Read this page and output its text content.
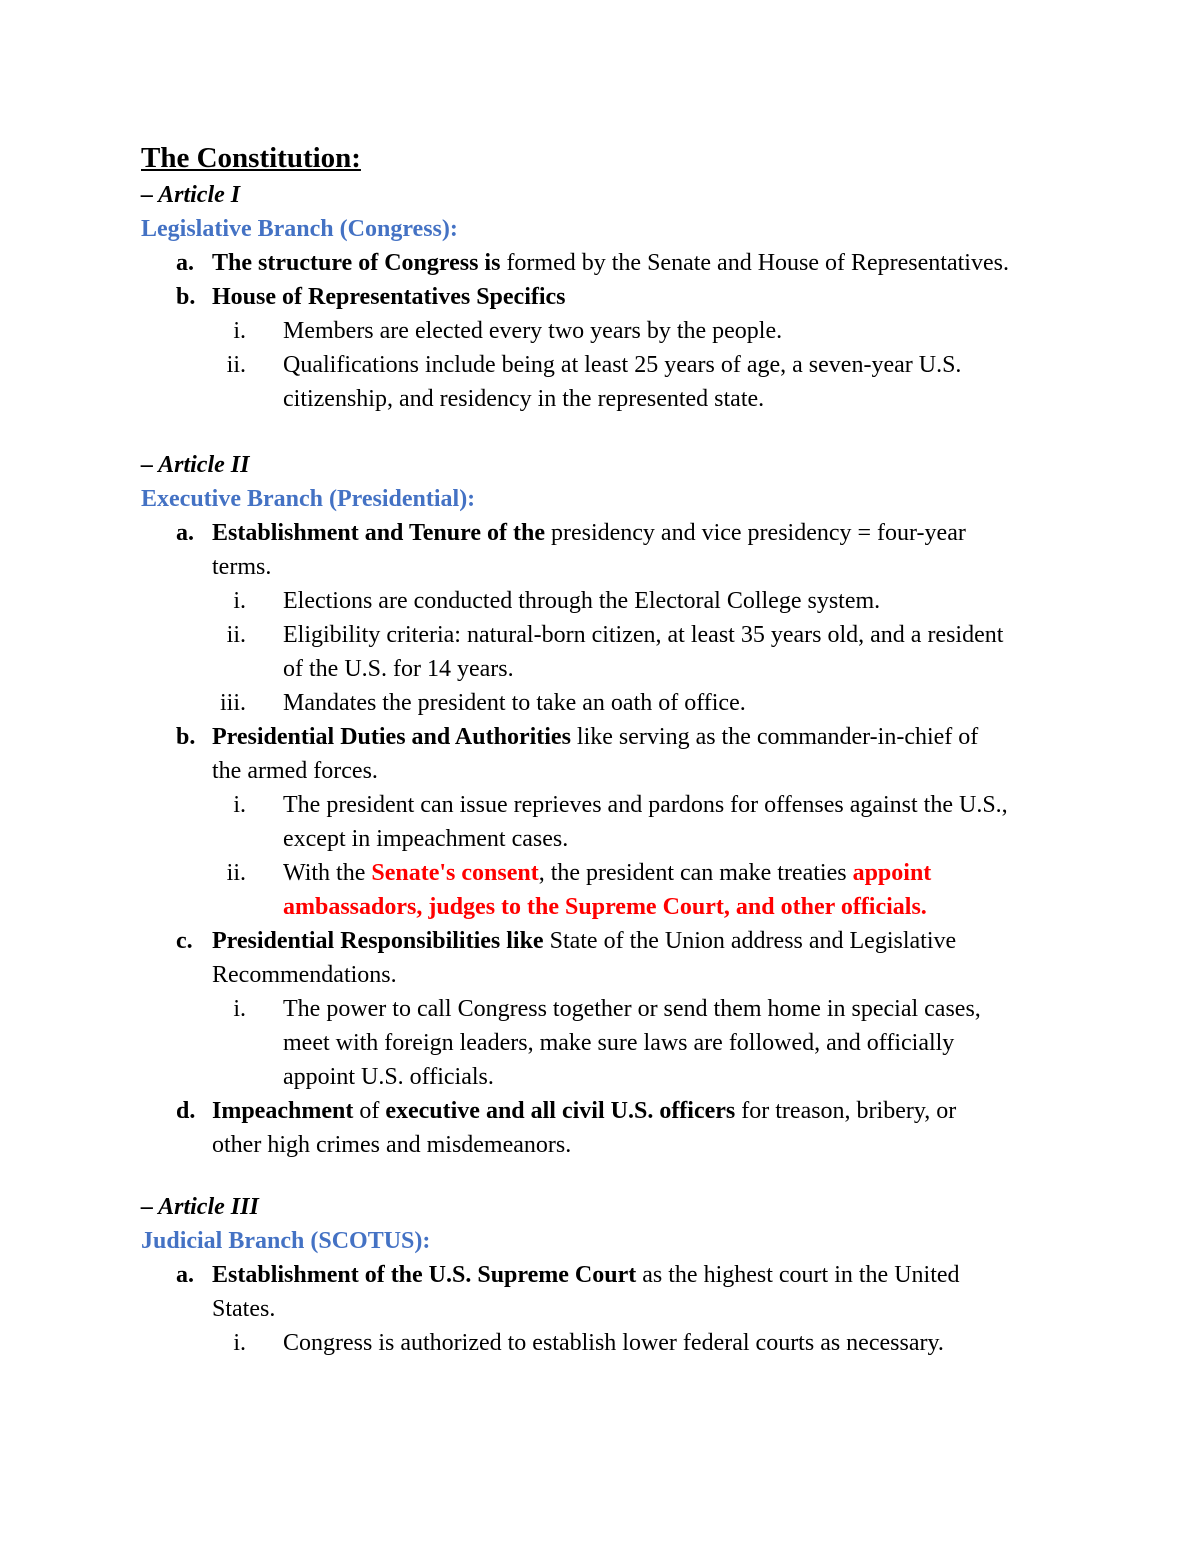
The Constitution:
– Article I
Legislative Branch (Congress):
a. The structure of Congress is formed by the Senate and House of Representatives.
b. House of Representatives Specifics
i. Members are elected every two years by the people.
ii. Qualifications include being at least 25 years of age, a seven-year U.S.
citizenship, and residency in the represented state.
– Article II
Executive Branch (Presidential):
a. Establishment and Tenure of the presidency and vice presidency = four-year
terms.
i. Elections are conducted through the Electoral College system.
ii. Eligibility criteria: natural-born citizen, at least 35 years old, and a resident
of the U.S. for 14 years.
iii. Mandates the president to take an oath of office.
b. Presidential Duties and Authorities like serving as the commander-in-chief of
the armed forces.
i. The president can issue reprieves and pardons for offenses against the U.S.,
except in impeachment cases.
ii. With the Senate's consent, the president can make treaties appoint
ambassadors, judges to the Supreme Court, and other officials.
c. Presidential Responsibilities like State of the Union address and Legislative
Recommendations.
i. The power to call Congress together or send them home in special cases,
meet with foreign leaders, make sure laws are followed, and officially
appoint U.S. officials.
d. Impeachment of executive and all civil U.S. officers for treason, bribery, or
other high crimes and misdemeanors.
– Article III
Judicial Branch (SCOTUS):
a. Establishment of the U.S. Supreme Court as the highest court in the United
States.
i. Congress is authorized to establish lower federal courts as necessary.
